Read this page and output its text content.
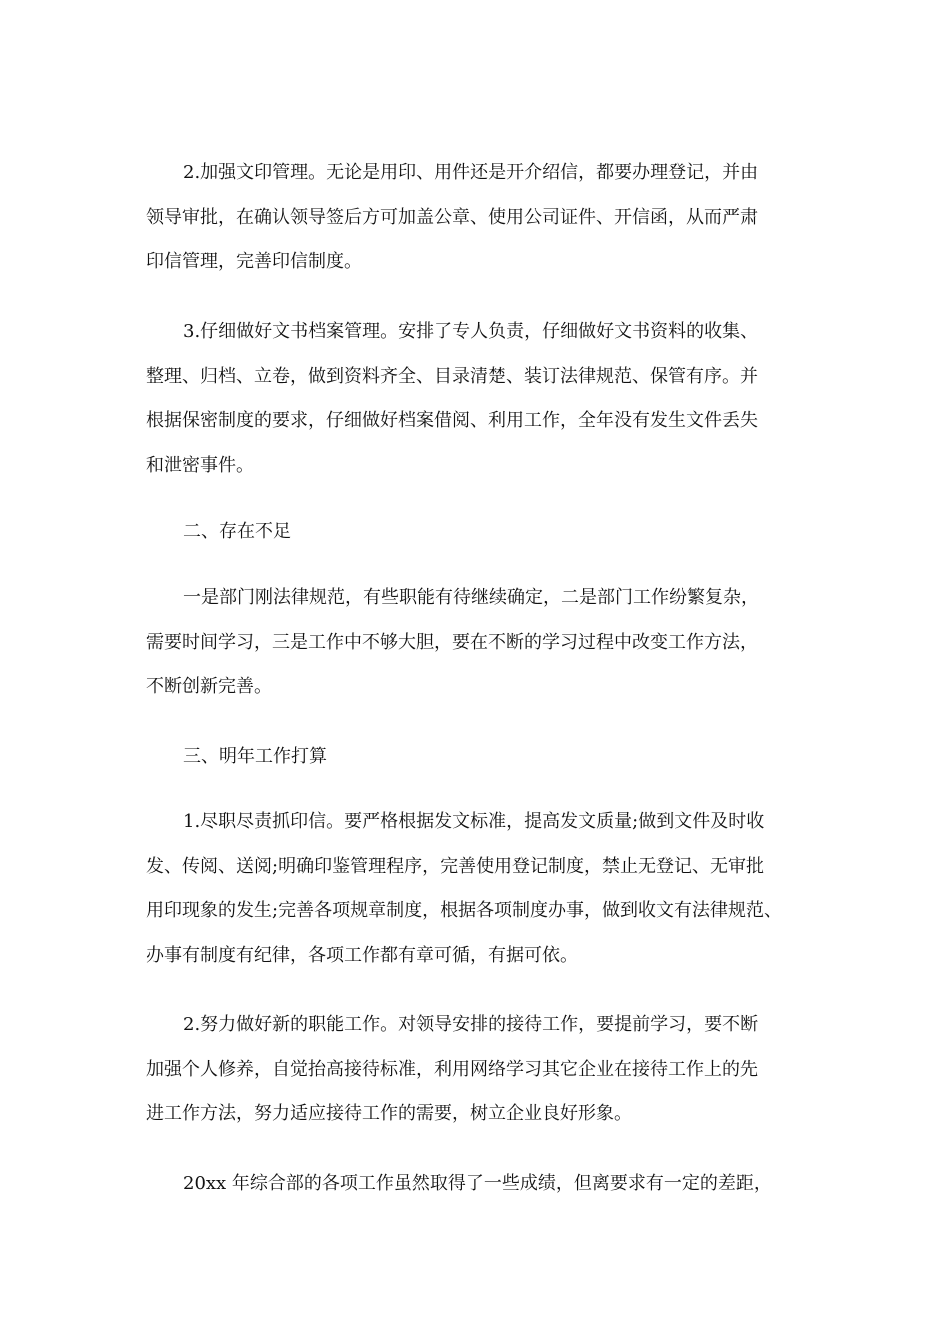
2.加强文印管理。无论是用印、用件还是开介绍信，都要办理登记，并由
领导审批，在确认领导签后方可加盖公章、使用公司证件、开信函，从而严肃
印信管理，完善印信制度。

3.仔细做好文书档案管理。安排了专人负责，仔细做好文书资料的收集、
整理、归档、立卷，做到资料齐全、目录清楚、装订法律规范、保管有序。并
根据保密制度的要求，仔细做好档案借阅、利用工作，全年没有发生文件丢失
和泄密事件。

二、存在不足

一是部门刚法律规范，有些职能有待继续确定，二是部门工作纷繁复杂，
需要时间学习，三是工作中不够大胆，要在不断的学习过程中改变工作方法，
不断创新完善。

三、明年工作打算

1.尽职尽责抓印信。要严格根据发文标准，提高发文质量;做到文件及时收
发、传阅、送阅;明确印鉴管理程序，完善使用登记制度，禁止无登记、无审批
用印现象的发生;完善各项规章制度，根据各项制度办事，做到收文有法律规范、
办事有制度有纪律，各项工作都有章可循，有据可依。

2.努力做好新的职能工作。对领导安排的接待工作，要提前学习，要不断
加强个人修养，自觉抬高接待标准，利用网络学习其它企业在接待工作上的先
进工作方法，努力适应接待工作的需要，树立企业良好形象。

20xx 年综合部的各项工作虽然取得了一些成绩，但离要求有一定的差距，
